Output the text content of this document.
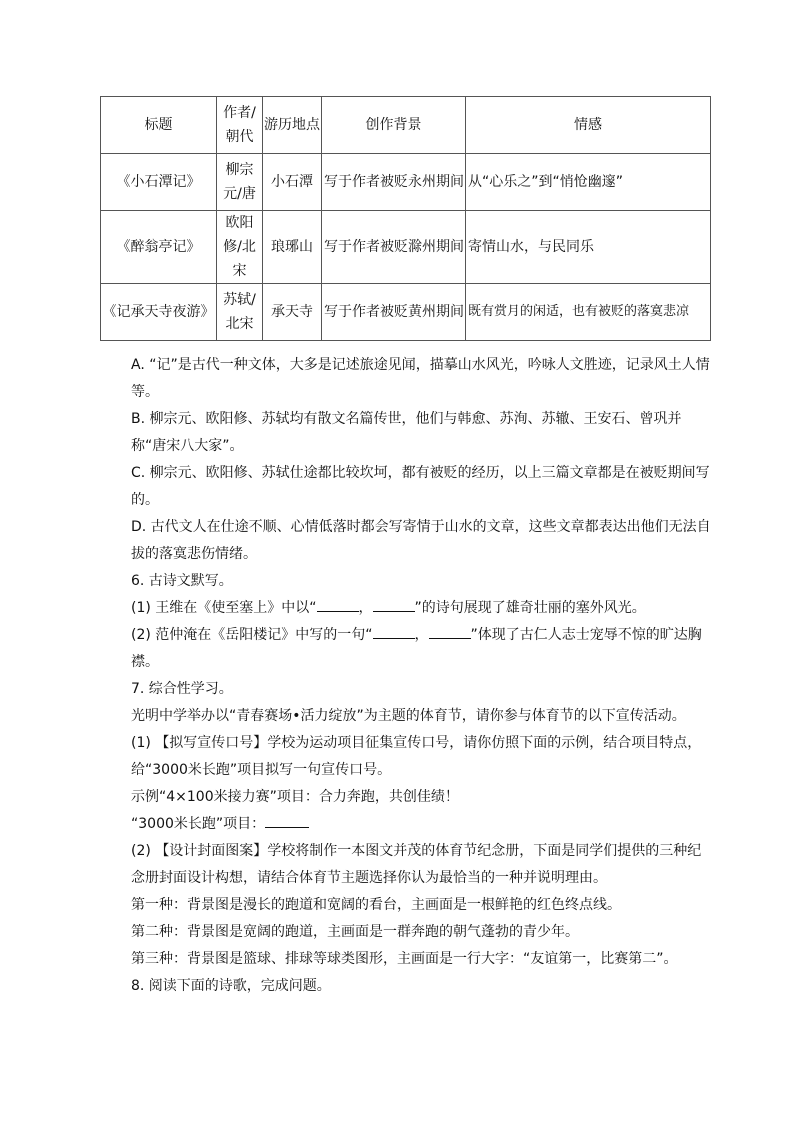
标题	作者/朝代	游历地点	创作背景	情感
《小石潭记》	柳宗元/唐	小石潭	写于作者被贬永州期间	从“心乐之”到“悄怆幽邃”
《醉翁亭记》	欧阳修/北宋	琅琊山	写于作者被贬滁州期间	寄情山水，与民同乐
《记承天寺夜游》	苏轼/北宋	承天寺	写于作者被贬黄州期间	既有赏月的闲适，也有被贬的落寞悲凉

A. “记”是古代一种文体，大多是记述旅途见闻，描摹山水风光，吟咏人文胜迹，记录风土人情等。

B. 柳宗元、欧阳修、苏轼均有散文名篇传世，他们与韩愈、苏洵、苏辙、王安石、曾巩并称“唐宋八大家”。

C. 柳宗元、欧阳修、苏轼仕途都比较坎坷，都有被贬的经历，以上三篇文章都是在被贬期间写的。

D. 古代文人在仕途不顺、心情低落时都会写寄情于山水的文章，这些文章都表达出他们无法自拔的落寞悲伤情绪。

6. 古诗文默写。

(1) 王维在《使至塞上》中以“	，	”的诗句展现了雄奇壮丽的塞外风光。

(2) 范仲淹在《岳阳楼记》中写的一句“	，	”体现了古仁人志士宠辱不惊的旷达胸襟。

7. 综合性学习。

光明中学举办以“青春赛场•活力绽放”为主题的体育节，请你参与体育节的以下宣传活动。

(1) 【拟写宣传口号】学校为运动项目征集宣传口号，请你仿照下面的示例，结合项目特点，给“3000米长跑”项目拟写一句宣传口号。

示例“4×100米接力赛”项目：合力奔跑，共创佳绩！

“3000米长跑”项目：

(2) 【设计封面图案】学校将制作一本图文并茂的体育节纪念册，下面是同学们提供的三种纪念册封面设计构想，请结合体育节主题选择你认为最恰当的一种并说明理由。

第一种：背景图是漫长的跑道和宽阔的看台，主画面是一根鲜艳的红色终点线。

第二种：背景图是宽阔的跑道，主画面是一群奔跑的朝气蓬勃的青少年。

第三种：背景图是篮球、排球等球类图形，主画面是一行大字：“友谊第一，比赛第二”。

8. 阅读下面的诗歌，完成问题。
